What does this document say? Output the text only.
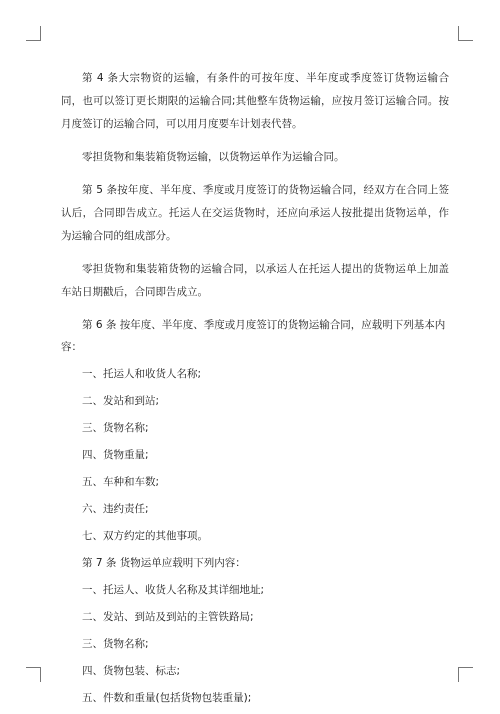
第 4 条大宗物资的运输，有条件的可按年度、半年度或季度签订货物运输合同，也可以签订更长期限的运输合同;其他整车货物运输，应按月签订运输合同。按月度签订的运输合同，可以用月度要车计划表代替。

零担货物和集装箱货物运输，以货物运单作为运输合同。

第 5 条按年度、半年度、季度或月度签订的货物运输合同，经双方在合同上签认后，合同即告成立。托运人在交运货物时，还应向承运人按批提出货物运单，作为运输合同的组成部分。

零担货物和集装箱货物的运输合同，以承运人在托运人提出的货物运单上加盖车站日期戳后，合同即告成立。

第 6 条 按年度、半年度、季度或月度签订的货物运输合同，应载明下列基本内容：

一、托运人和收货人名称;

二、发站和到站;

三、货物名称;

四、货物重量;

五、车种和车数;

六、违约责任;

七、双方约定的其他事项。

第 7 条 货物运单应载明下列内容：

一、托运人、收货人名称及其详细地址;

二、发站、到站及到站的主管铁路局;

三、货物名称;

四、货物包装、标志;

五、件数和重量(包括货物包装重量);
